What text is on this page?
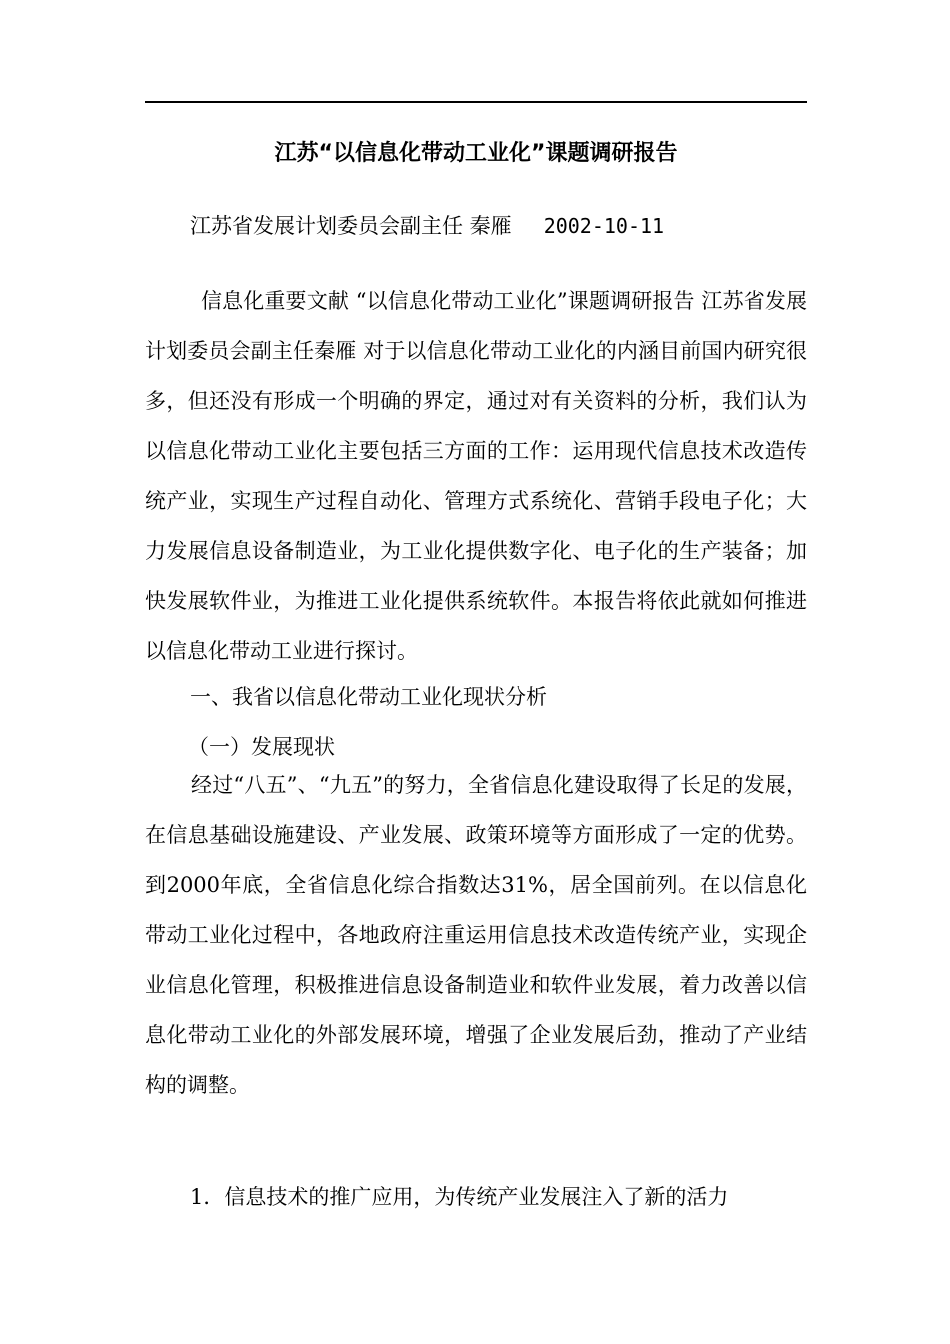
江苏“以信息化带动工业化”课题调研报告
江苏省发展计划委员会副主任 秦雁 2002-10-11

信息化重要文献 “以信息化带动工业化”课题调研报告 江苏省发展计划委员会副主任秦雁 对于以信息化带动工业化的内涵目前国内研究很多，但还没有形成一个明确的界定，通过对有关资料的分析，我们认为以信息化带动工业化主要包括三方面的工作：运用现代信息技术改造传统产业，实现生产过程自动化、管理方式系统化、营销手段电子化；大力发展信息设备制造业，为工业化提供数字化、电子化的生产装备；加快发展软件业，为推进工业化提供系统软件。本报告将依此就如何推进以信息化带动工业进行探讨。

一、我省以信息化带动工业化现状分析
（一）发展现状

经过“八五”、“九五”的努力，全省信息化建设取得了长足的发展，在信息基础设施建设、产业发展、政策环境等方面形成了一定的优势。到2000年底，全省信息化综合指数达31%，居全国前列。在以信息化带动工业化过程中，各地政府注重运用信息技术改造传统产业，实现企业信息化管理，积极推进信息设备制造业和软件业发展，着力改善以信息化带动工业化的外部发展环境，增强了企业发展后劲，推动了产业结构的调整。

1．信息技术的推广应用，为传统产业发展注入了新的活力
